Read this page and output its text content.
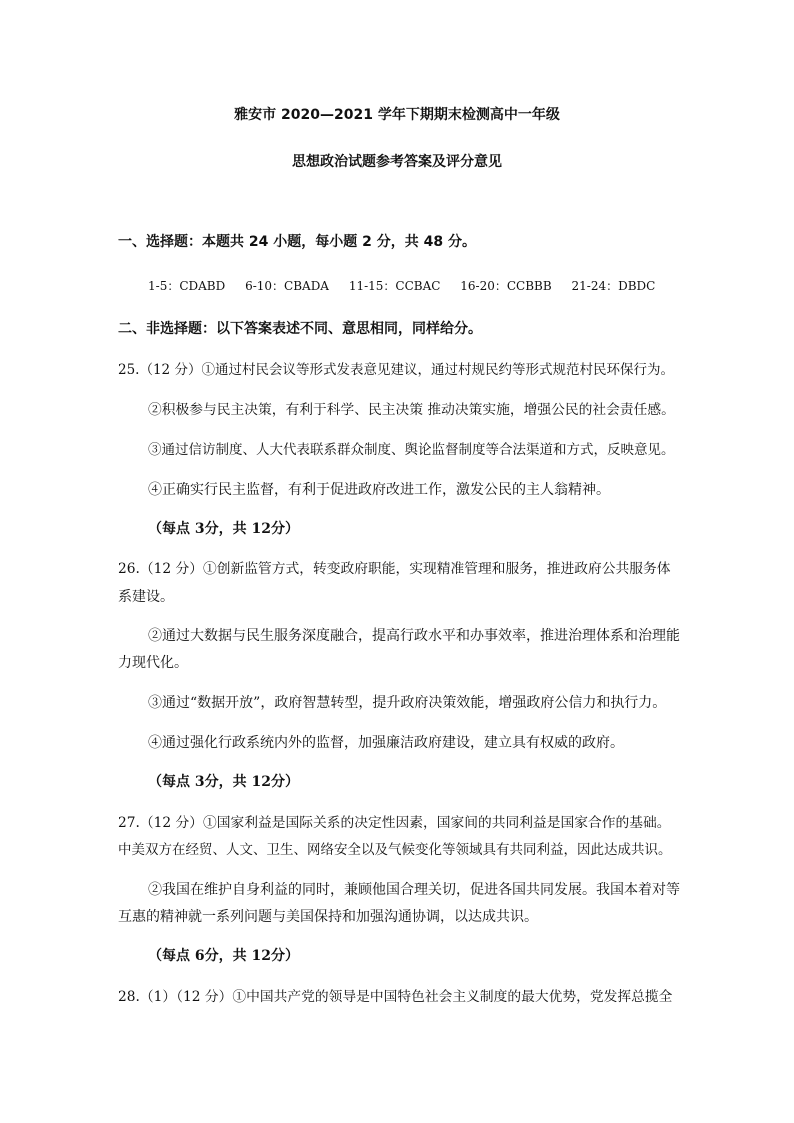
雅安市 2020—2021 学年下期期末检测高中一年级
思想政治试题参考答案及评分意见
一、选择题：本题共 24 小题，每小题 2 分，共 48 分。
1-5：CDABD 6-10：CBADA 11-15：CCBAC 16-20：CCBBB 21-24：DBDC
二、非选择题：以下答案表述不同、意思相同，同样给分。
25.（12 分）①通过村民会议等形式发表意见建议，通过村规民约等形式规范村民环保行为。
②积极参与民主决策，有利于科学、民主决策 推动决策实施，增强公民的社会责任感。
③通过信访制度、人大代表联系群众制度、舆论监督制度等合法渠道和方式，反映意见。
④正确实行民主监督，有利于促进政府改进工作，激发公民的主人翁精神。
（每点 3分，共 12分）
26.（12 分）①创新监管方式，转变政府职能，实现精准管理和服务，推进政府公共服务体
系建设。
②通过大数据与民生服务深度融合，提高行政水平和办事效率，推进治理体系和治理能
力现代化。
③通过“数据开放”，政府智慧转型，提升政府决策效能，增强政府公信力和执行力。
④通过强化行政系统内外的监督，加强廉洁政府建设，建立具有权威的政府。
（每点 3分，共 12分）
27.（12 分）①国家利益是国际关系的决定性因素，国家间的共同利益是国家合作的基础。
中美双方在经贸、人文、卫生、网络安全以及气候变化等领域具有共同利益，因此达成共识。
②我国在维护自身利益的同时，兼顾他国合理关切，促进各国共同发展。我国本着对等
互惠的精神就一系列问题与美国保持和加强沟通协调，以达成共识。
（每点 6分，共 12分）
28.（1）（12 分）①中国共产党的领导是中国特色社会主义制度的最大优势，党发挥总揽全
